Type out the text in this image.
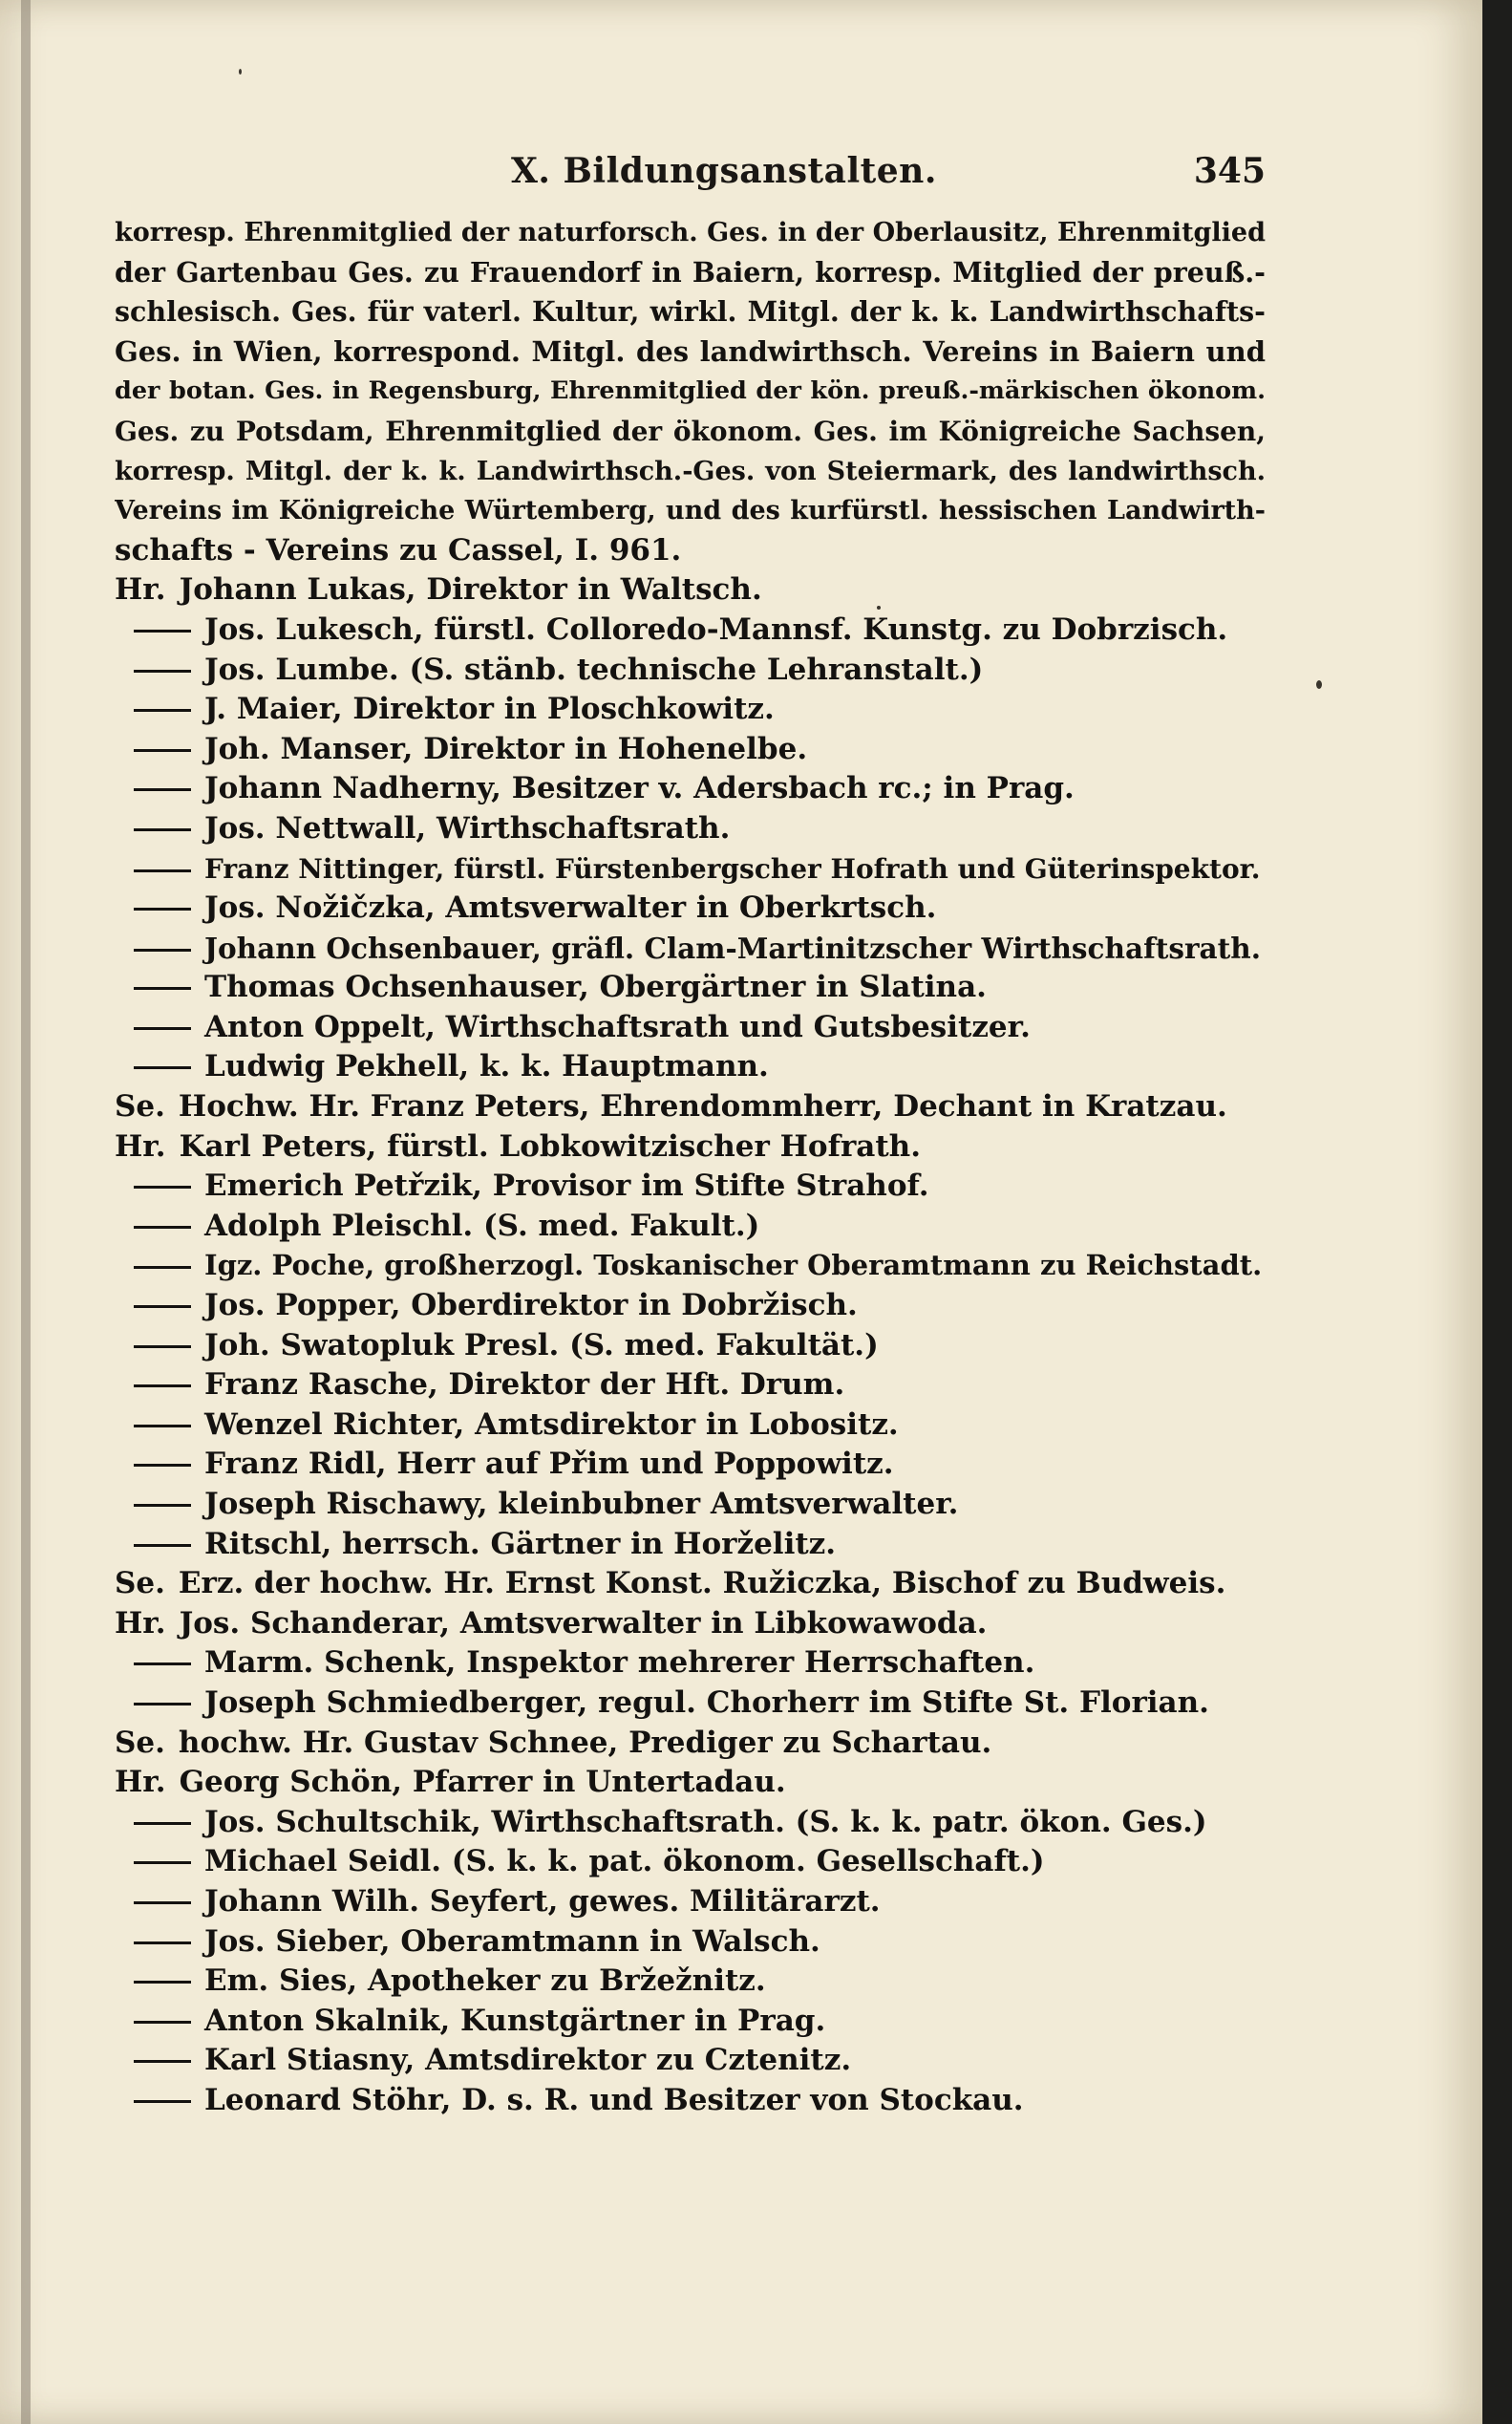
X. Bildungsanstalten.	345
korresp. Ehrenmitglied der naturforsch. Ges. in der Oberlausitz, Ehrenmitglied
der Gartenbau Ges. zu Frauendorf in Baiern, korresp. Mitglied der preuß.-
schlesisch. Ges. für vaterl. Kultur, wirkl. Mitgl. der k. k. Landwirthschafts-
Ges. in Wien, korrespond. Mitgl. des landwirthsch. Vereins in Baiern und
der botan. Ges. in Regensburg, Ehrenmitglied der kön. preuß.-märkischen ökonom.
Ges. zu Potsdam, Ehrenmitglied der ökonom. Ges. im Königreiche Sachsen,
korresp. Mitgl. der k. k. Landwirthsch.-Ges. von Steiermark, des landwirthsch.
Vereins im Königreiche Würtemberg, und des kurfürstl. hessischen Landwirth-
schafts - Vereins zu Cassel, I. 961.
Hr. Johann Lukas, Direktor in Waltsch.
Jos. Lukesch, fürstl. Colloredo-Mannsf. Kunstg. zu Dobrzisch.
Jos. Lumbe. (S. stänb. technische Lehranstalt.)
J. Maier, Direktor in Ploschkowitz.
Joh. Manser, Direktor in Hohenelbe.
Johann Nadherny, Besitzer v. Adersbach rc.; in Prag.
Jos. Nettwall, Wirthschaftsrath.
Franz Nittinger, fürstl. Fürstenbergscher Hofrath und Güterinspektor.
Jos. Nožičzka, Amtsverwalter in Oberkrtsch.
Johann Ochsenbauer, gräfl. Clam-Martinitzscher Wirthschaftsrath.
Thomas Ochsenhauser, Obergärtner in Slatina.
Anton Oppelt, Wirthschaftsrath und Gutsbesitzer.
Ludwig Pekhell, k. k. Hauptmann.
Se. Hochw. Hr. Franz Peters, Ehrendommherr, Dechant in Kratzau.
Hr. Karl Peters, fürstl. Lobkowitzischer Hofrath.
Emerich Petřzik, Provisor im Stifte Strahof.
Adolph Pleischl. (S. med. Fakult.)
Igz. Poche, großherzogl. Toskanischer Oberamtmann zu Reichstadt.
Jos. Popper, Oberdirektor in Dobržisch.
Joh. Swatopluk Presl. (S. med. Fakultät.)
Franz Rasche, Direktor der Hft. Drum.
Wenzel Richter, Amtsdirektor in Lobositz.
Franz Ridl, Herr auf Přim und Poppowitz.
Joseph Rischawy, kleinbubner Amtsverwalter.
Ritschl, herrsch. Gärtner in Horželitz.
Se. Erz. der hochw. Hr. Ernst Konst. Ružiczka, Bischof zu Budweis.
Hr. Jos. Schanderar, Amtsverwalter in Libkowawoda.
Marm. Schenk, Inspektor mehrerer Herrschaften.
Joseph Schmiedberger, regul. Chorherr im Stifte St. Florian.
Se. hochw. Hr. Gustav Schnee, Prediger zu Schartau.
Hr. Georg Schön, Pfarrer in Untertadau.
Jos. Schultschik, Wirthschaftsrath. (S. k. k. patr. ökon. Ges.)
Michael Seidl. (S. k. k. pat. ökonom. Gesellschaft.)
Johann Wilh. Seyfert, gewes. Militärarzt.
Jos. Sieber, Oberamtmann in Walsch.
Em. Sies, Apotheker zu Bržežnitz.
Anton Skalnik, Kunstgärtner in Prag.
Karl Stiasny, Amtsdirektor zu Cztenitz.
Leonard Stöhr, D. s. R. und Besitzer von Stockau.
